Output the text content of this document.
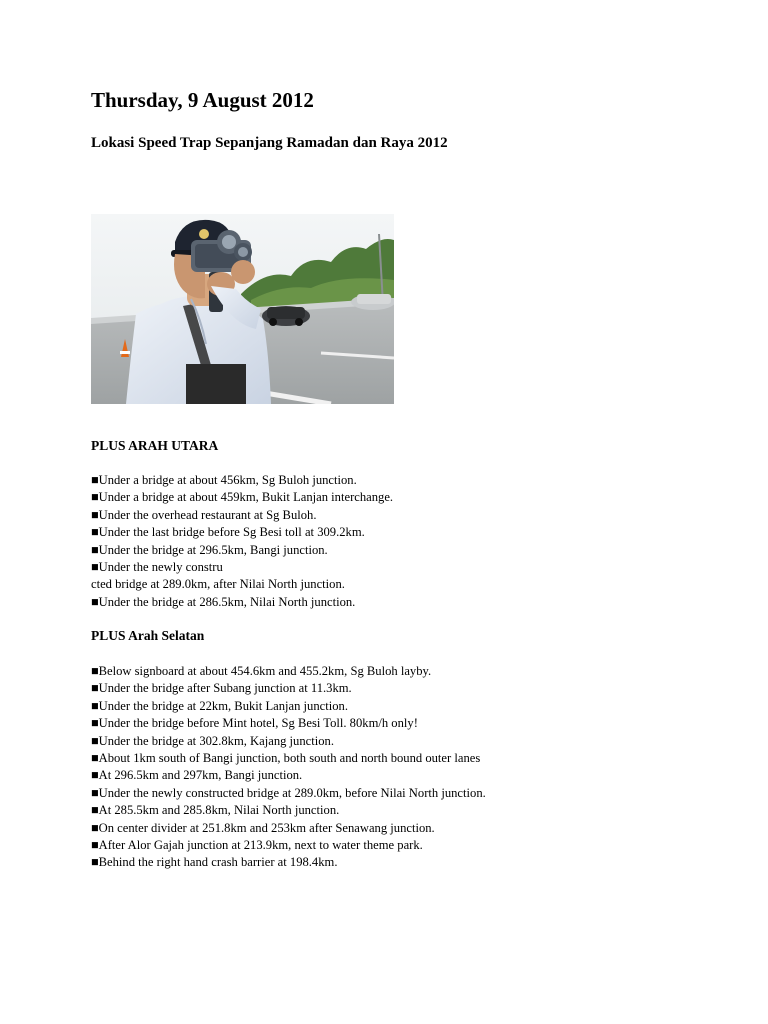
Thursday, 9 August 2012
Lokasi Speed Trap Sepanjang Ramadan dan Raya 2012
PLUS ARAH UTARA
■Under a bridge at about 456km, Sg Buloh junction.
■Under a bridge at about 459km, Bukit Lanjan interchange.
■Under the overhead restaurant at Sg Buloh.
■Under the last bridge before Sg Besi toll at 309.2km.
■Under the bridge at 296.5km, Bangi junction.
■Under the newly constru
cted bridge at 289.0km, after Nilai North junction.
■Under the bridge at 286.5km, Nilai North junction.
PLUS Arah Selatan
■Below signboard at about 454.6km and 455.2km, Sg Buloh layby.
■Under the bridge after Subang junction at 11.3km.
■Under the bridge at 22km, Bukit Lanjan junction.
■Under the bridge before Mint hotel, Sg Besi Toll. 80km/h only!
■Under the bridge at 302.8km, Kajang junction.
■About 1km south of Bangi junction, both south and north bound outer lanes
■At 296.5km and 297km, Bangi junction.
■Under the newly constructed bridge at 289.0km, before Nilai North junction.
■At 285.5km and 285.8km, Nilai North junction.
■On center divider at 251.8km and 253km after Senawang junction.
■After Alor Gajah junction at 213.9km, next to water theme park.
■Behind the right hand crash barrier at 198.4km.
